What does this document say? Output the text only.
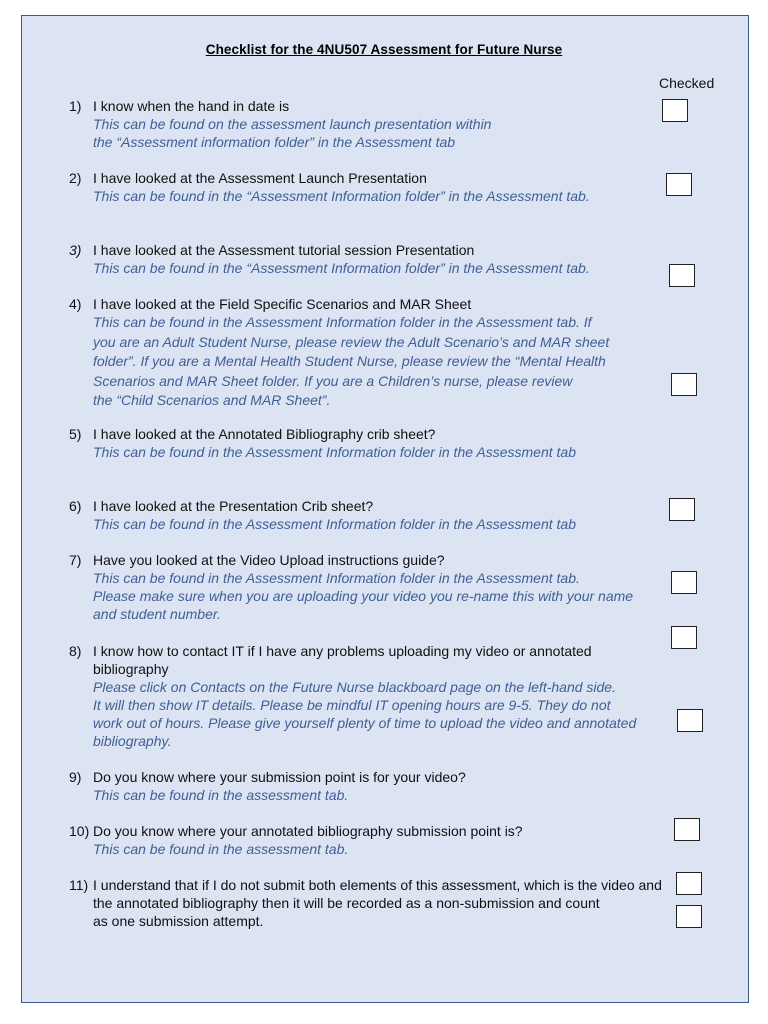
Checklist for the 4NU507 Assessment for Future Nurse
Checked
1) I know when the hand in date is
This can be found on the assessment launch presentation within
the “Assessment information folder” in the Assessment tab
2) I have looked at the Assessment Launch Presentation
This can be found in the “Assessment Information folder” in the Assessment tab.
3) I have looked at the Assessment tutorial session Presentation
This can be found in the “Assessment Information folder” in the Assessment tab.
4) I have looked at the Field Specific Scenarios and MAR Sheet
This can be found in the Assessment Information folder in the Assessment tab. If
you are an Adult Student Nurse, please review the Adult Scenario’s and MAR sheet
folder”. If you are a Mental Health Student Nurse, please review the “Mental Health
Scenarios and MAR Sheet folder. If you are a Children’s nurse, please review
the “Child Scenarios and MAR Sheet”.
5) I have looked at the Annotated Bibliography crib sheet?
This can be found in the Assessment Information folder in the Assessment tab
6) I have looked at the Presentation Crib sheet?
This can be found in the Assessment Information folder in the Assessment tab
7) Have you looked at the Video Upload instructions guide?
This can be found in the Assessment Information folder in the Assessment tab.
Please make sure when you are uploading your video you re-name this with your name
and student number.
8) I know how to contact IT if I have any problems uploading my video or annotated
bibliography
Please click on Contacts on the Future Nurse blackboard page on the left-hand side.
It will then show IT details. Please be mindful IT opening hours are 9-5. They do not
work out of hours. Please give yourself plenty of time to upload the video and annotated
bibliography.
9) Do you know where your submission point is for your video?
This can be found in the assessment tab.
10) Do you know where your annotated bibliography submission point is?
This can be found in the assessment tab.
11) I understand that if I do not submit both elements of this assessment, which is the video and
the annotated bibliography then it will be recorded as a non-submission and count
as one submission attempt.
